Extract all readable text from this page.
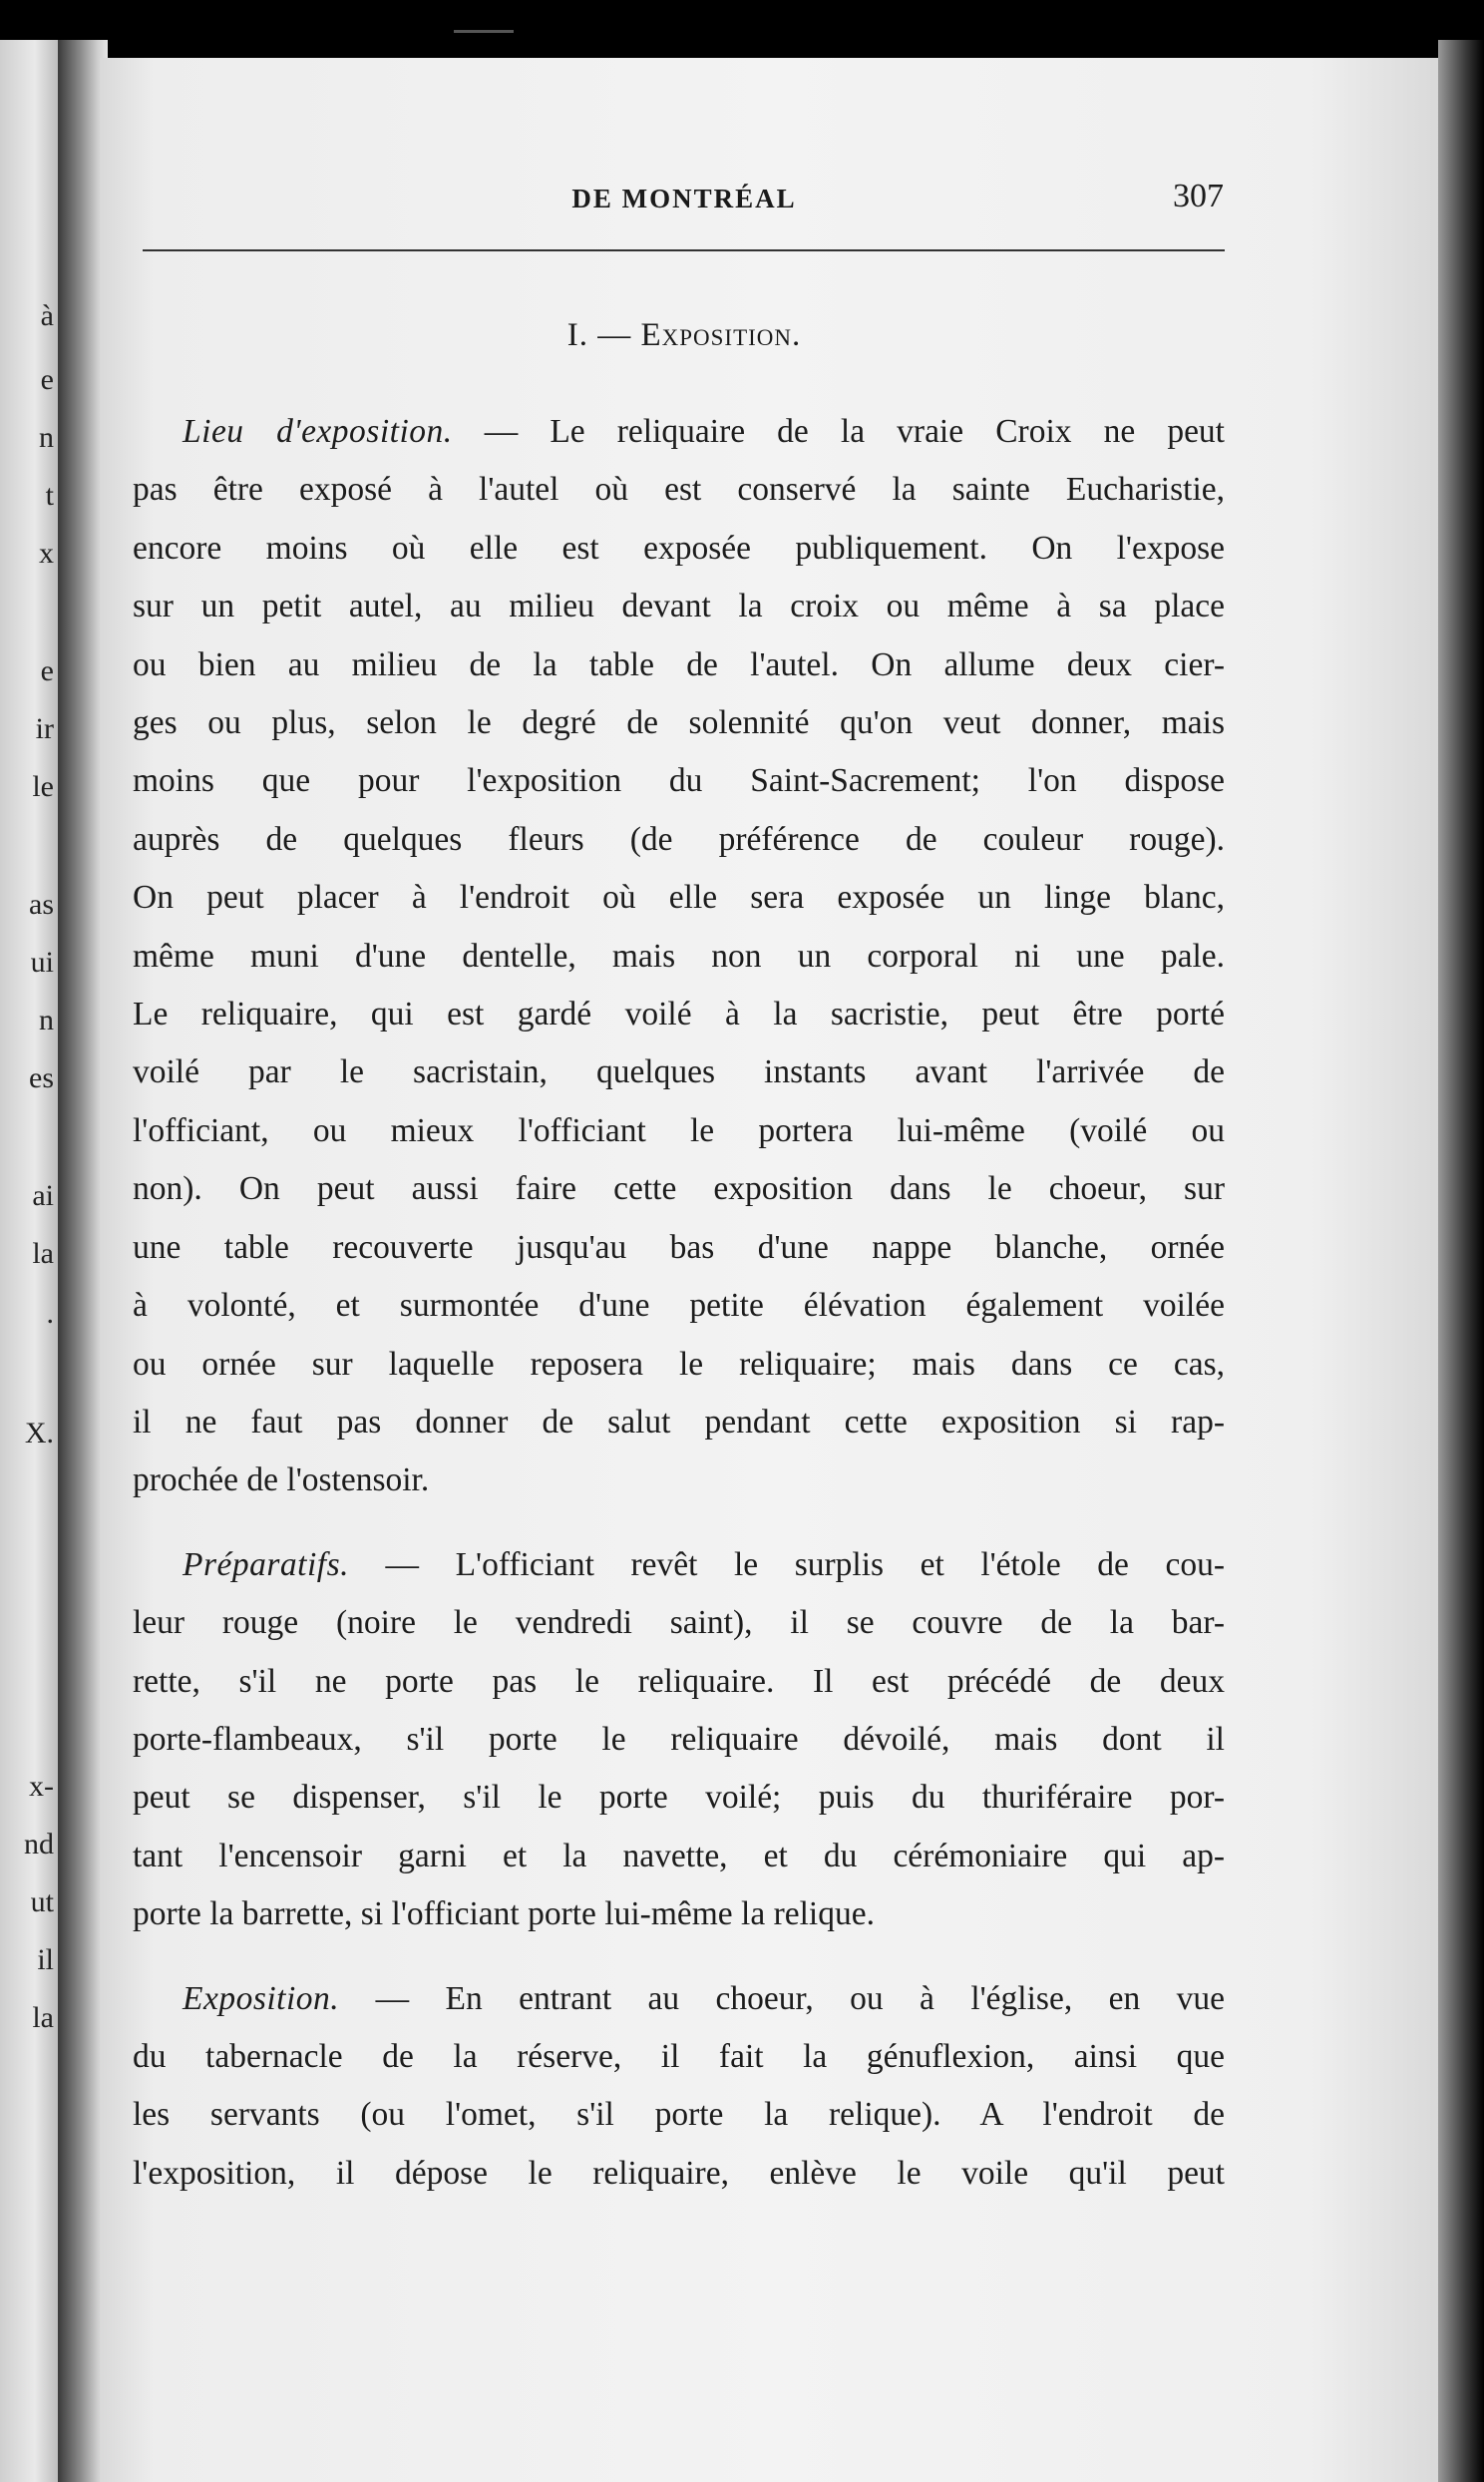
à
e
n
t
x
e
ir
le
as
ui
n
es
ai
la
.
X.
x-
nd
ut
il
la
DE MONTRÉAL	307
I. — Exposition.
Lieu d'exposition. — Le reliquaire de la vraie Croix ne peut
pas être exposé à l'autel où est conservé la sainte Eucharistie,
encore moins où elle est exposée publiquement. On l'expose
sur un petit autel, au milieu devant la croix ou même à sa place
ou bien au milieu de la table de l'autel. On allume deux cier-
ges ou plus, selon le degré de solennité qu'on veut donner, mais
moins que pour l'exposition du Saint-Sacrement; l'on dispose
auprès de quelques fleurs (de préférence de couleur rouge).
On peut placer à l'endroit où elle sera exposée un linge blanc,
même muni d'une dentelle, mais non un corporal ni une pale.
Le reliquaire, qui est gardé voilé à la sacristie, peut être porté
voilé par le sacristain, quelques instants avant l'arrivée de
l'officiant, ou mieux l'officiant le portera lui-même (voilé ou
non). On peut aussi faire cette exposition dans le choeur, sur
une table recouverte jusqu'au bas d'une nappe blanche, ornée
à volonté, et surmontée d'une petite élévation également voilée
ou ornée sur laquelle reposera le reliquaire; mais dans ce cas,
il ne faut pas donner de salut pendant cette exposition si rap-
prochée de l'ostensoir.
Préparatifs. — L'officiant revêt le surplis et l'étole de cou-
leur rouge (noire le vendredi saint), il se couvre de la bar-
rette, s'il ne porte pas le reliquaire. Il est précédé de deux
porte-flambeaux, s'il porte le reliquaire dévoilé, mais dont il
peut se dispenser, s'il le porte voilé; puis du thuriféraire por-
tant l'encensoir garni et la navette, et du cérémoniaire qui ap-
porte la barrette, si l'officiant porte lui-même la relique.
Exposition. — En entrant au choeur, ou à l'église, en vue
du tabernacle de la réserve, il fait la génuflexion, ainsi que
les servants (ou l'omet, s'il porte la relique). A l'endroit de
l'exposition, il dépose le reliquaire, enlève le voile qu'il peut
